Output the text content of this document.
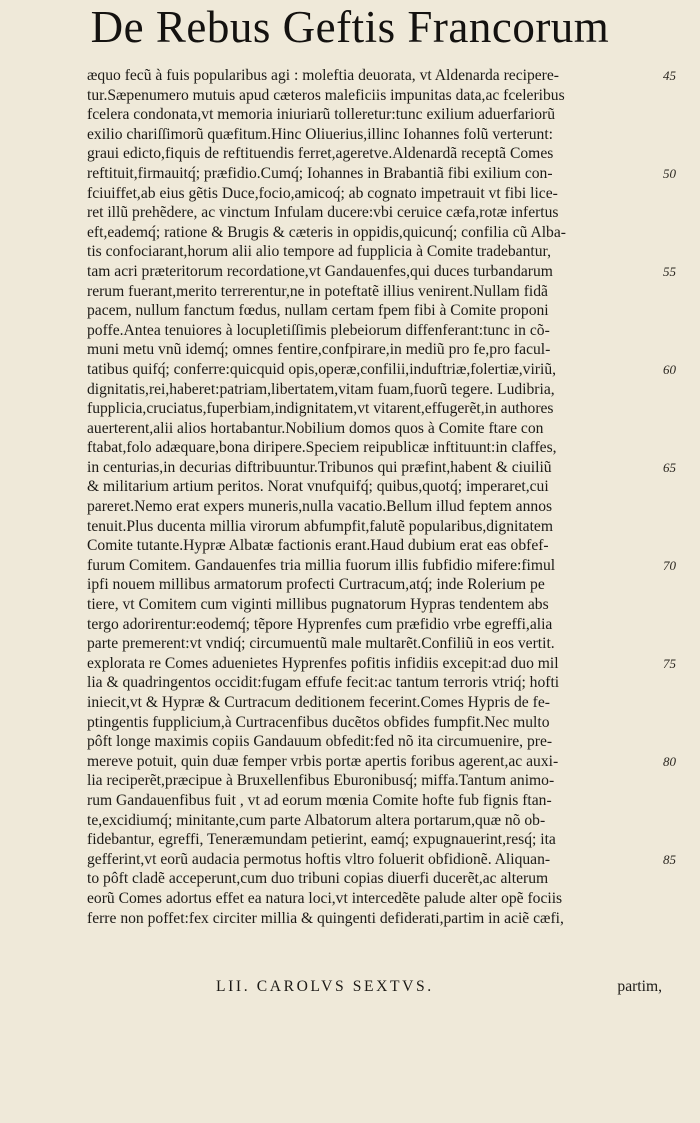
De Rebus Geftis Francorum
æquo fecũ à fuis popularibus agi : moleftia deuorata, vt Aldenarda recipere-
tur.Sæpenumero mutuis apud cæteros maleficiis impunitas data,ac fceleribus
fcelera condonata,vt memoria iniuriarũ tolleretur:tunc exilium aduerfariorũ
exilio chariſſimorũ quæfitum.Hinc Oliuerius,illinc Iohannes folũ verterunt:
graui edicto,fiquis de reftituendis ferret,ageretve.Aldenardã receptã Comes
reftituit,firmauitq́; præfidio.Cumq́; Iohannes in Brabantiã fibi exilium con-
fciuiffet,ab eius gẽtis Duce,focio,amicoq́; ab cognato impetrauit vt fibi lice-
ret illũ prehẽdere, ac vinctum Infulam ducere:vbi ceruice cæfa,rotæ infertus
eft,eademq́; ratione & Brugis & cæteris in oppidis,quicunq́; confilia cũ Alba-
tis confociarant,horum alii alio tempore ad fupplicia à Comite tradebantur,
tam acri præteritorum recordatione,vt Gandauenfes,qui duces turbandarum
rerum fuerant,merito terrerentur,ne in poteftatẽ illius venirent.Nullam fidã
pacem, nullum fanctum fœdus, nullam certam fpem fibi à Comite proponi
poffe.Antea tenuiores à locupletiſſimis plebeiorum diffenferant:tunc in cõ-
muni metu vnũ idemq́; omnes fentire,confpirare,in mediũ pro fe,pro facul-
tatibus quifq́; conferre:quicquid opis,operæ,confilii,induftriæ,folertiæ,viriũ,
dignitatis,rei,haberet:patriam,libertatem,vitam fuam,fuorũ tegere. Ludibria,
fupplicia,cruciatus,fuperbiam,indignitatem,vt vitarent,effugerẽt,in authores
auerterent,alii alios hortabantur.Nobilium domos quos à Comite ftare con
ftabat,folo adæquare,bona diripere.Speciem reipublicæ inftituunt:in claffes,
in centurias,in decurias diftribuuntur.Tribunos qui præfint,habent & ciuiliũ
& militarium artium peritos. Norat vnufquifq́; quibus,quotq́; imperaret,cui
pareret.Nemo erat expers muneris,nulla vacatio.Bellum illud feptem annos
tenuit.Plus ducenta millia virorum abfumpfit,falutẽ popularibus,dignitatem
Comite tutante.Hypræ Albatæ factionis erant.Haud dubium erat eas obfef-
furum Comitem. Gandauenfes tria millia fuorum illis fubfidio mifere:fimul
ipfi nouem millibus armatorum profecti Curtracum,atq́; inde Rolerium pe
tiere, vt Comitem cum viginti millibus pugnatorum Hypras tendentem abs
tergo adorirentur:eodemq́; tẽpore Hyprenfes cum præfidio vrbe egreffi,alia
parte premerent:vt vndiq́; circumuentũ male multarẽt.Confiliũ in eos vertit.
explorata re Comes aduenietes Hyprenfes pofitis infidiis excepit:ad duo mil
lia & quadringentos occidit:fugam effufe fecit:ac tantum terroris vtriq́; hofti
iniecit,vt & Hypræ & Curtracum deditionem fecerint.Comes Hypris de fe-
ptingentis fupplicium,à Curtracenfibus ducẽtos obfides fumpfit.Nec multo
pôft longe maximis copiis Gandauum obfedit:fed nõ ita circumuenire, pre-
mereve potuit, quin duæ femper vrbis portæ apertis foribus agerent,ac auxi-
lia reciperẽt,præcipue à Bruxellenfibus Eburonibusq́; miffa.Tantum animo-
rum Gandauenfibus fuit , vt ad eorum mœnia Comite hofte fub fignis ftan-
te,excidiumq́; minitante,cum parte Albatorum altera portarum,quæ nõ ob-
fidebantur, egreffi, Teneræmundam petierint, eamq́; expugnauerint,resq́; ita
gefferint,vt eorũ audacia permotus hoftis vltro foluerit obfidionẽ. Aliquan-
to pôft cladẽ acceperunt,cum duo tribuni copias diuerfi ducerẽt,ac alterum
eorũ Comes adortus effet ea natura loci,vt intercedẽte palude alter opẽ fociis
ferre non poffet:fex circiter millia & quingenti defiderati,partim in aciẽ cæfi,
45
50
55
60
65
70
75
80
85
LII. CAROLVS SEXTVS.	partim,
